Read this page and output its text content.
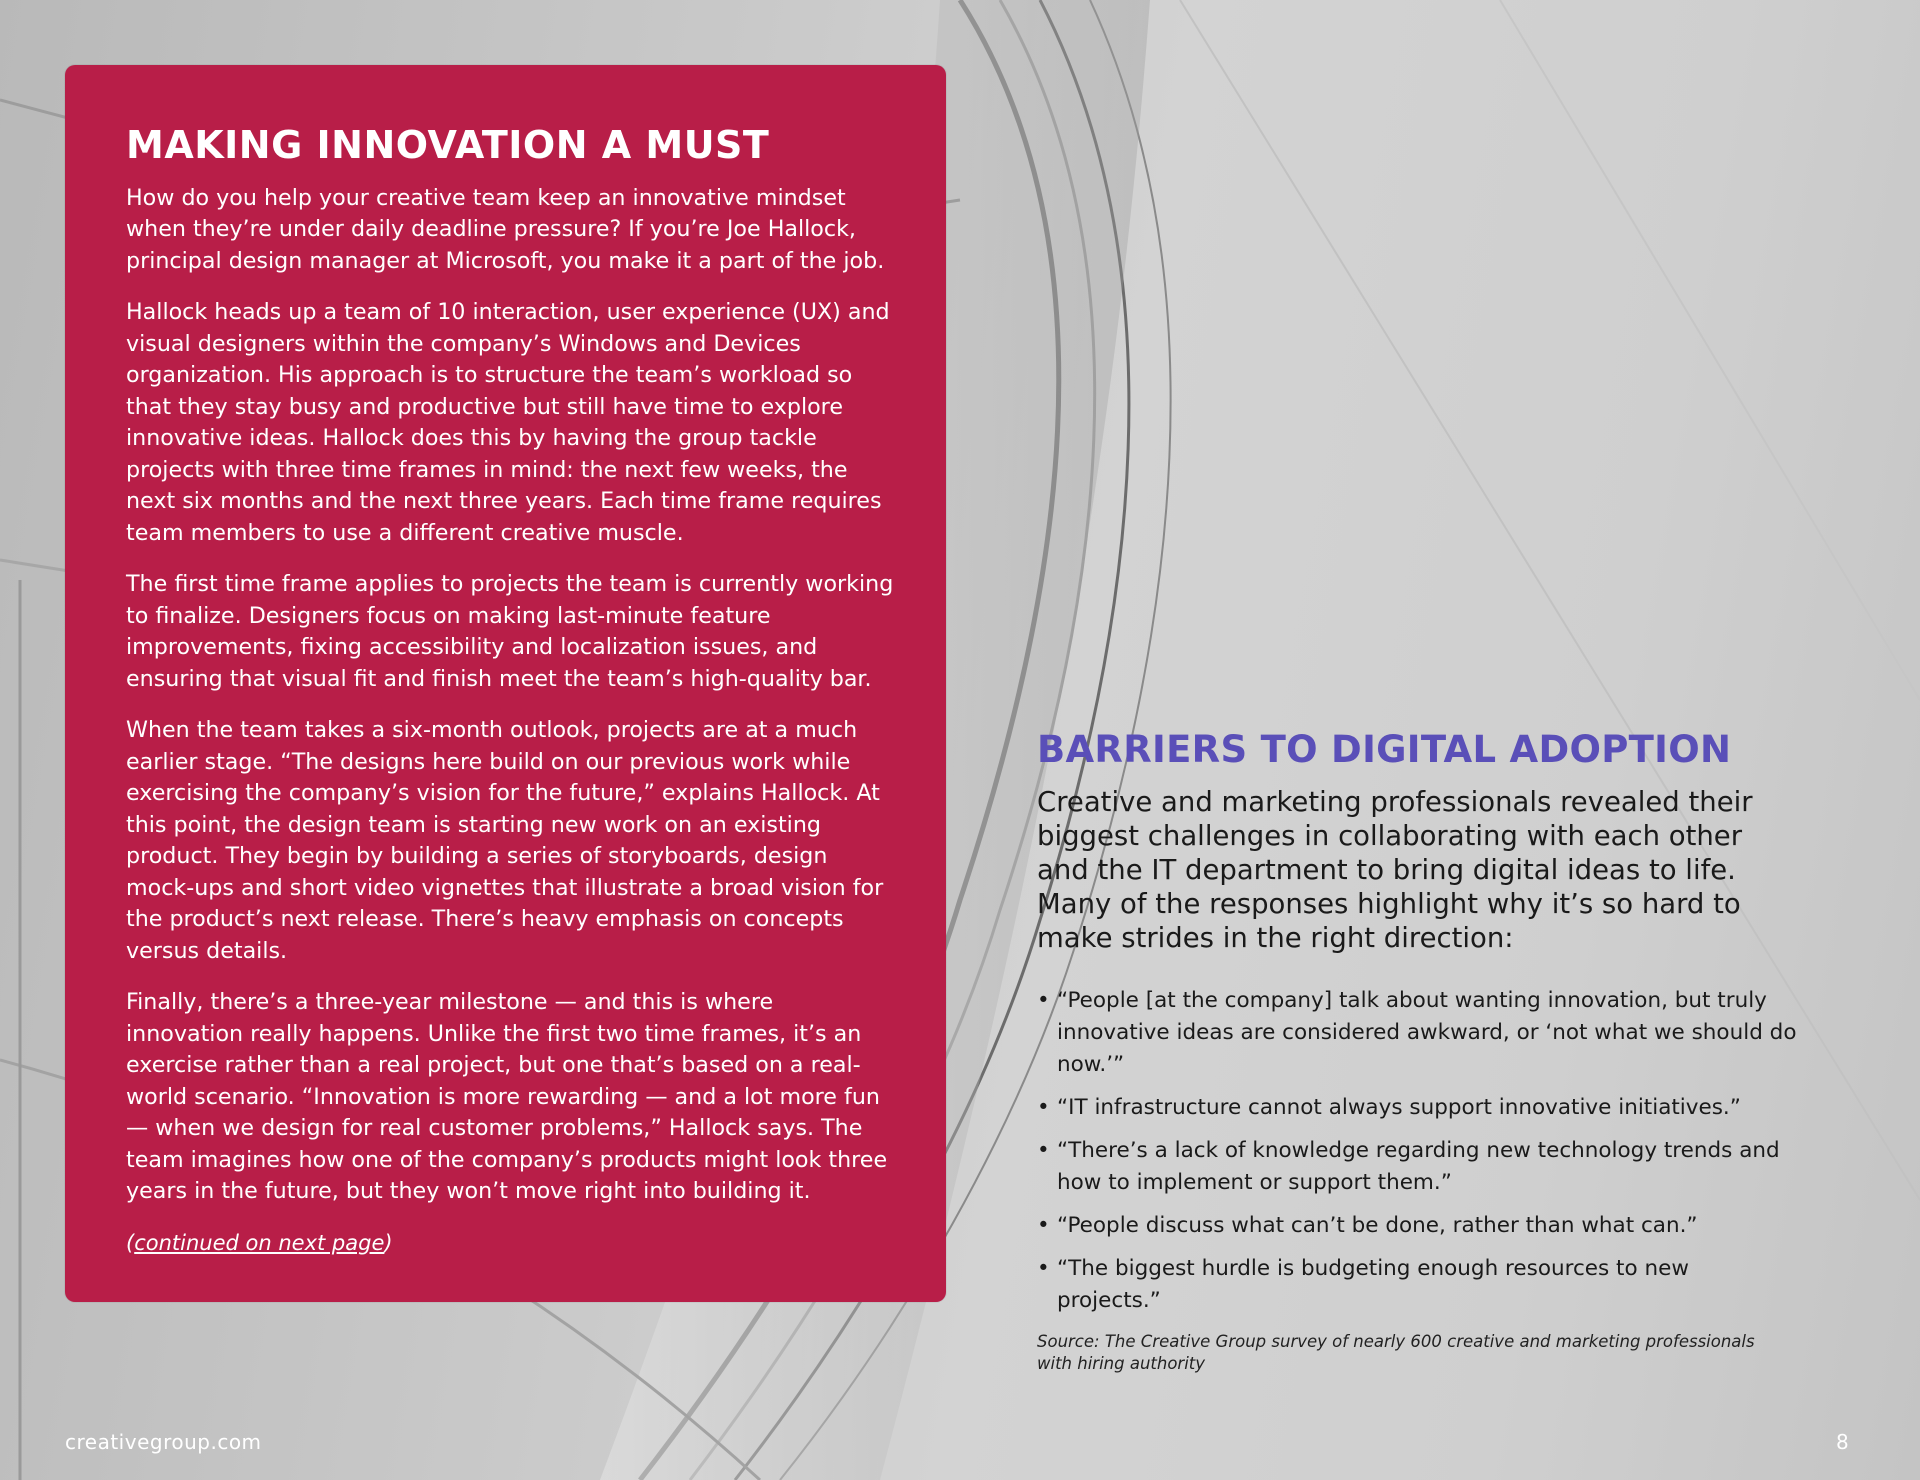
MAKING INNOVATION A MUST

How do you help your creative team keep an innovative mindset when they’re under daily deadline pressure? If you’re Joe Hallock, principal design manager at Microsoft, you make it a part of the job.

Hallock heads up a team of 10 interaction, user experience (UX) and visual designers within the company’s Windows and Devices organization. His approach is to structure the team’s workload so that they stay busy and productive but still have time to explore innovative ideas. Hallock does this by having the group tackle projects with three time frames in mind: the next few weeks, the next six months and the next three years. Each time frame requires team members to use a different creative muscle.

The first time frame applies to projects the team is currently working to finalize. Designers focus on making last-minute feature improvements, fixing accessibility and localization issues, and ensuring that visual fit and finish meet the team’s high-quality bar.

When the team takes a six-month outlook, projects are at a much earlier stage. “The designs here build on our previous work while exercising the company’s vision for the future,” explains Hallock. At this point, the design team is starting new work on an existing product. They begin by building a series of storyboards, design mock-ups and short video vignettes that illustrate a broad vision for the product’s next release. There’s heavy emphasis on concepts versus details.

Finally, there’s a three-year milestone — and this is where innovation really happens. Unlike the first two time frames, it’s an exercise rather than a real project, but one that’s based on a real-world scenario. “Innovation is more rewarding — and a lot more fun — when we design for real customer problems,” Hallock says. The team imagines how one of the company’s products might look three years in the future, but they won’t move right into building it.

(continued on next page)
BARRIERS TO DIGITAL ADOPTION

Creative and marketing professionals revealed their biggest challenges in collaborating with each other and the IT department to bring digital ideas to life. Many of the responses highlight why it’s so hard to make strides in the right direction:

• “People [at the company] talk about wanting innovation, but truly innovative ideas are considered awkward, or ‘not what we should do now.’”
• “IT infrastructure cannot always support innovative initiatives.”
• “There’s a lack of knowledge regarding new technology trends and how to implement or support them.”
• “People discuss what can’t be done, rather than what can.”
• “The biggest hurdle is budgeting enough resources to new projects.”
Source: The Creative Group survey of nearly 600 creative and marketing professionals with hiring authority
creativegroup.com	8
